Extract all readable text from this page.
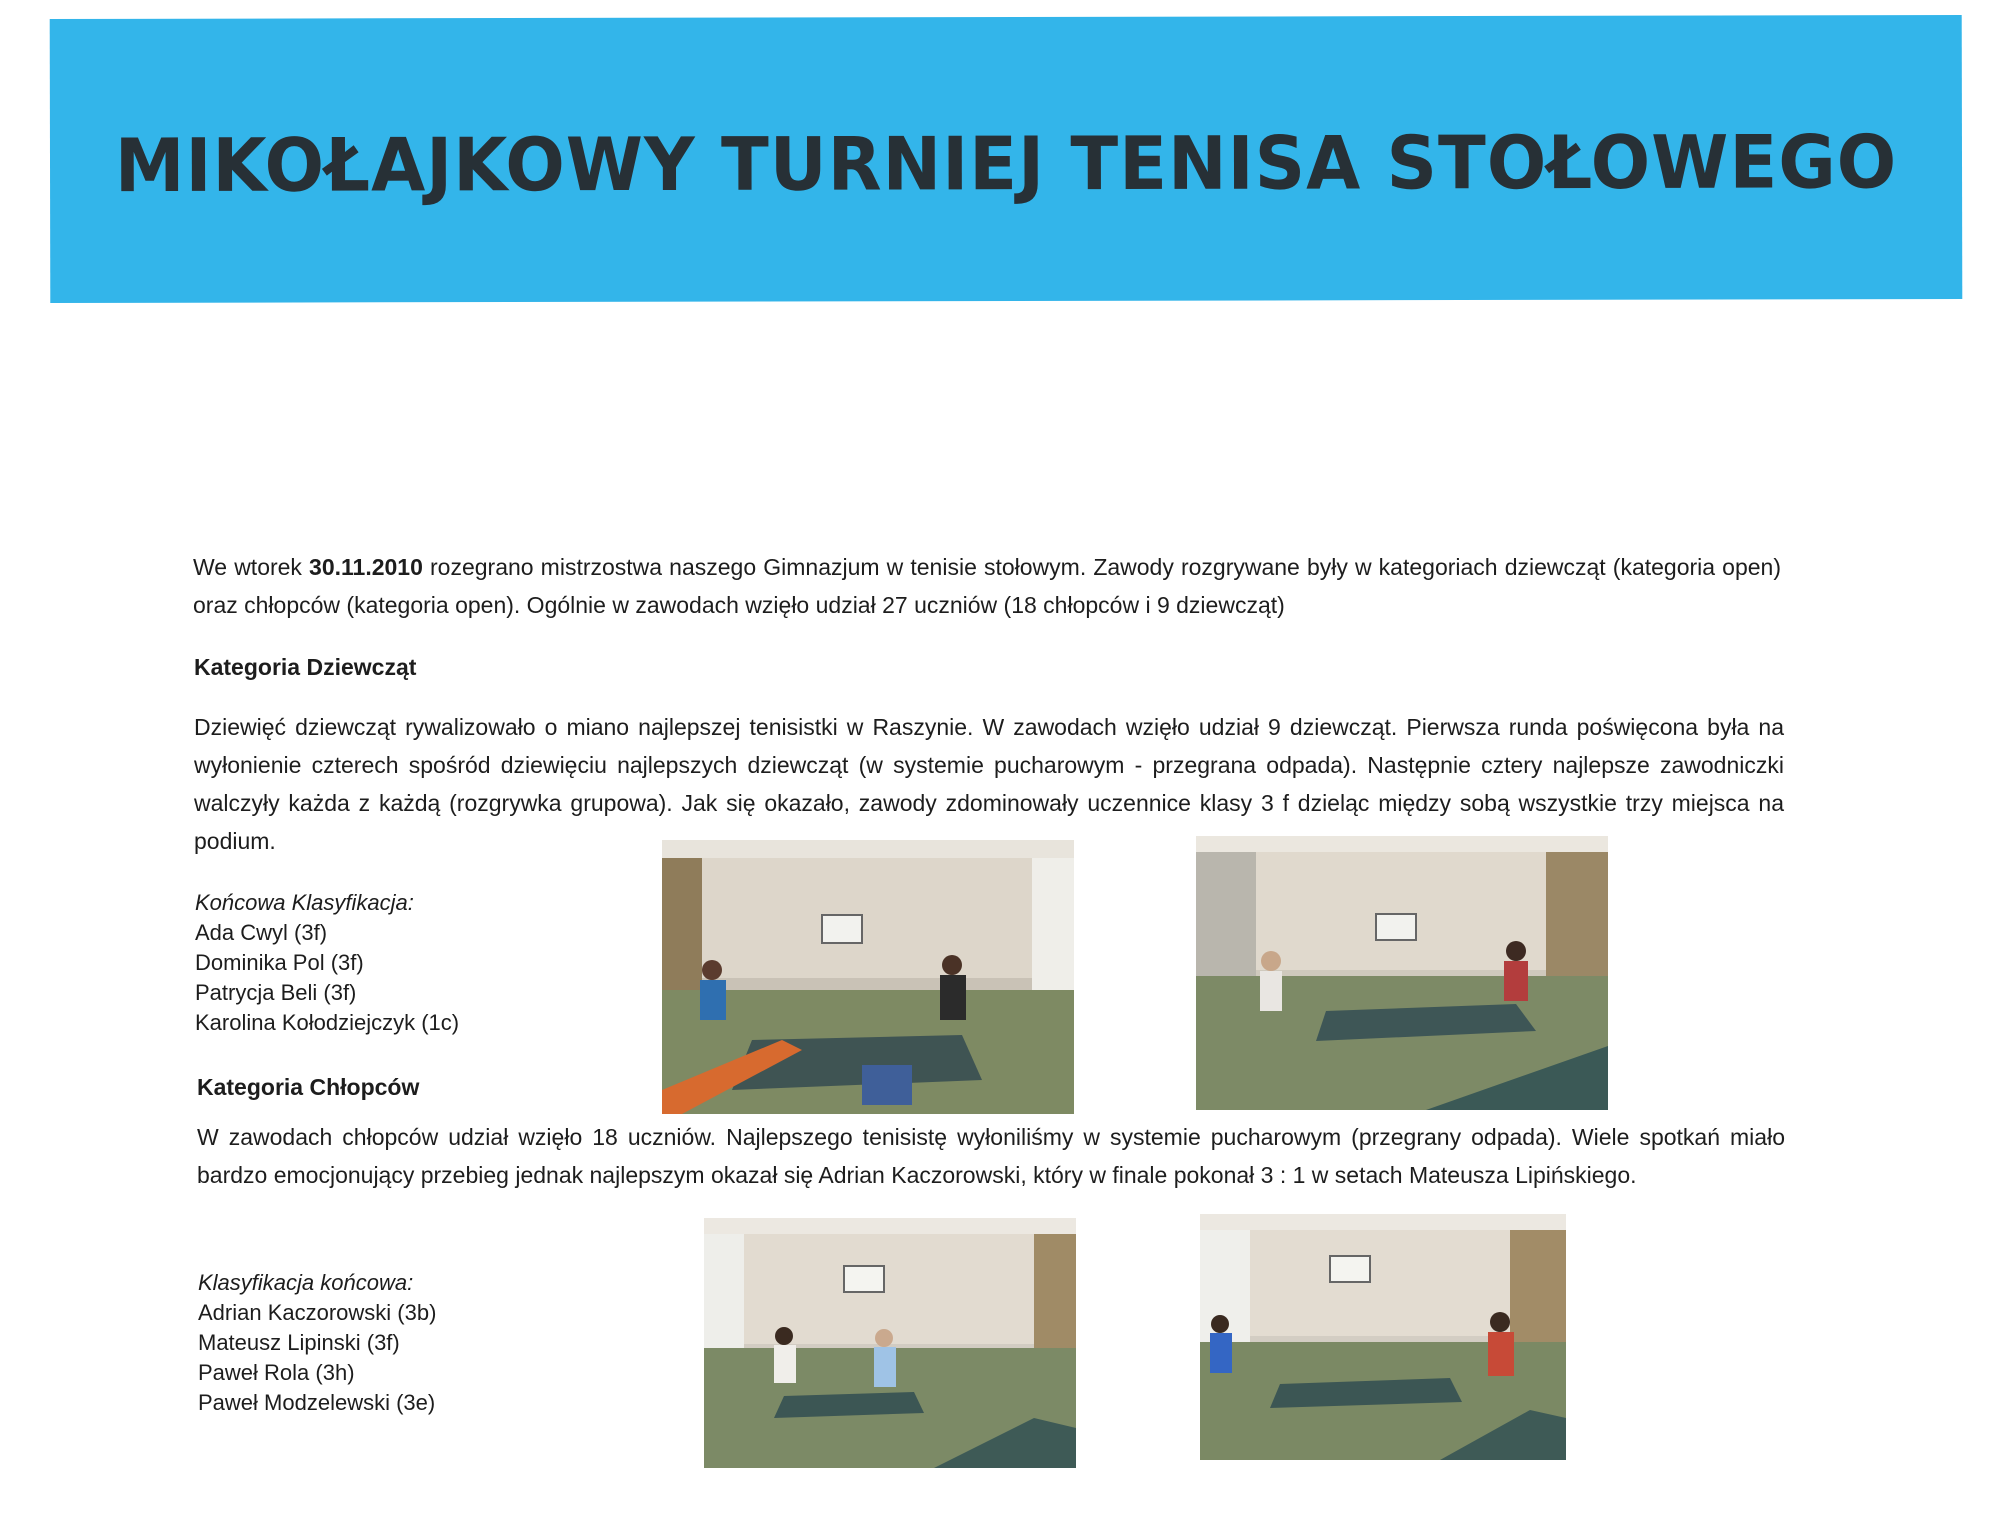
MIKOŁAJKOWY TURNIEJ TENISA STOŁOWEGO
We wtorek 30.11.2010 rozegrano mistrzostwa naszego Gimnazjum w tenisie stołowym. Zawody rozgrywane były w kategoriach dziewcząt (kategoria open) oraz chłopców (kategoria open). Ogólnie w zawodach wzięło udział 27 uczniów (18 chłopców i 9 dziewcząt)
Kategoria Dziewcząt
Dziewięć dziewcząt rywalizowało o miano najlepszej tenisistki w Raszynie. W zawodach wzięło udział 9 dziewcząt. Pierwsza runda poświęcona była na wyłonienie czterech spośród dziewięciu najlepszych dziewcząt (w systemie pucharowym - przegrana odpada). Następnie cztery najlepsze zawodniczki walczyły każda z każdą (rozgrywka grupowa). Jak się okazało, zawody zdominowały uczennice klasy 3 f dzieląc między sobą wszystkie trzy miejsca na podium.
Końcowa Klasyfikacja:
Ada Cwyl (3f)
Dominika Pol (3f)
Patrycja Beli (3f)
Karolina Kołodziejczyk (1c)
Kategoria Chłopców
W zawodach chłopców udział wzięło 18 uczniów. Najlepszego tenisistę wyłoniliśmy w systemie pucharowym (przegrany odpada). Wiele spotkań miało bardzo emocjonujący przebieg jednak najlepszym okazał się Adrian Kaczorowski, który w finale pokonał 3 : 1 w setach Mateusza Lipińskiego.
Klasyfikacja końcowa:
Adrian Kaczorowski (3b)
Mateusz Lipinski (3f)
Paweł Rola (3h)
Paweł Modzelewski (3e)
